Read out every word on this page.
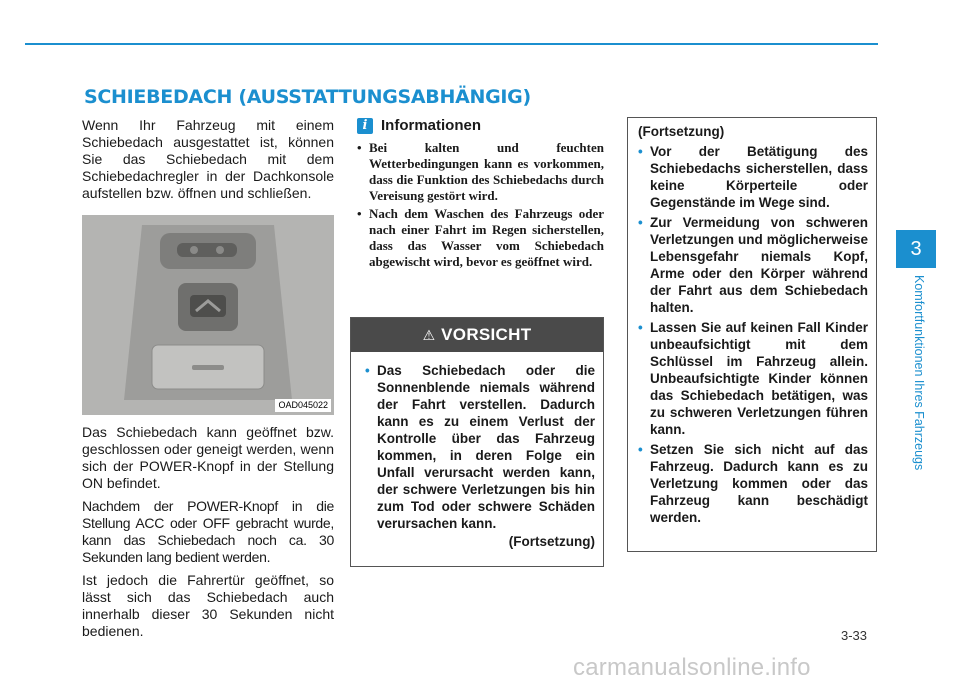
SCHIEBEDACH (AUSSTATTUNGSABHÄNGIG)

Wenn Ihr Fahrzeug mit einem Schiebedach ausgestattet ist, können Sie das Schiebedach mit dem Schiebedachregler in der Dachkonsole aufstellen bzw. öffnen und schließen.

OAD045022

Das Schiebedach kann geöffnet bzw. geschlossen oder geneigt werden, wenn sich der POWER-Knopf in der Stellung ON befindet.

Nachdem der POWER-Knopf in die Stellung ACC oder OFF gebracht wurde, kann das Schiebedach noch ca. 30 Sekunden lang bedient werden.

Ist jedoch die Fahrertür geöffnet, so lässt sich das Schiebedach auch innerhalb dieser 30 Sekunden nicht bedienen.

i Informationen
• Bei kalten und feuchten Wetterbedingungen kann es vorkommen, dass die Funktion des Schiebedachs durch Vereisung gestört wird.
• Nach dem Waschen des Fahrzeugs oder nach einer Fahrt im Regen sicherstellen, dass das Wasser vom Schiebedach abgewischt wird, bevor es geöffnet wird.
⚠ VORSICHT
• Das Schiebedach oder die Sonnenblende niemals während der Fahrt verstellen. Dadurch kann es zu einem Verlust der Kontrolle über das Fahrzeug kommen, in deren Folge ein Unfall verursacht werden kann, der schwere Verletzungen bis hin zum Tod oder schwere Schäden verursachen kann.
(Fortsetzung)
(Fortsetzung)
• Vor der Betätigung des Schiebedachs sicherstellen, dass keine Körperteile oder Gegenstände im Wege sind.
• Zur Vermeidung von schweren Verletzungen und möglicherweise Lebensgefahr niemals Kopf, Arme oder den Körper während der Fahrt aus dem Schiebedach halten.
• Lassen Sie auf keinen Fall Kinder unbeaufsichtigt mit dem Schlüssel im Fahrzeug allein. Unbeaufsichtigte Kinder können das Schiebedach betätigen, was zu schweren Verletzungen führen kann.
• Setzen Sie sich nicht auf das Fahrzeug. Dadurch kann es zu Verletzung kommen oder das Fahrzeug kann beschädigt werden.
3
Komfortfunktionen Ihres Fahrzeugs
3-33
carmanualsonline.info
